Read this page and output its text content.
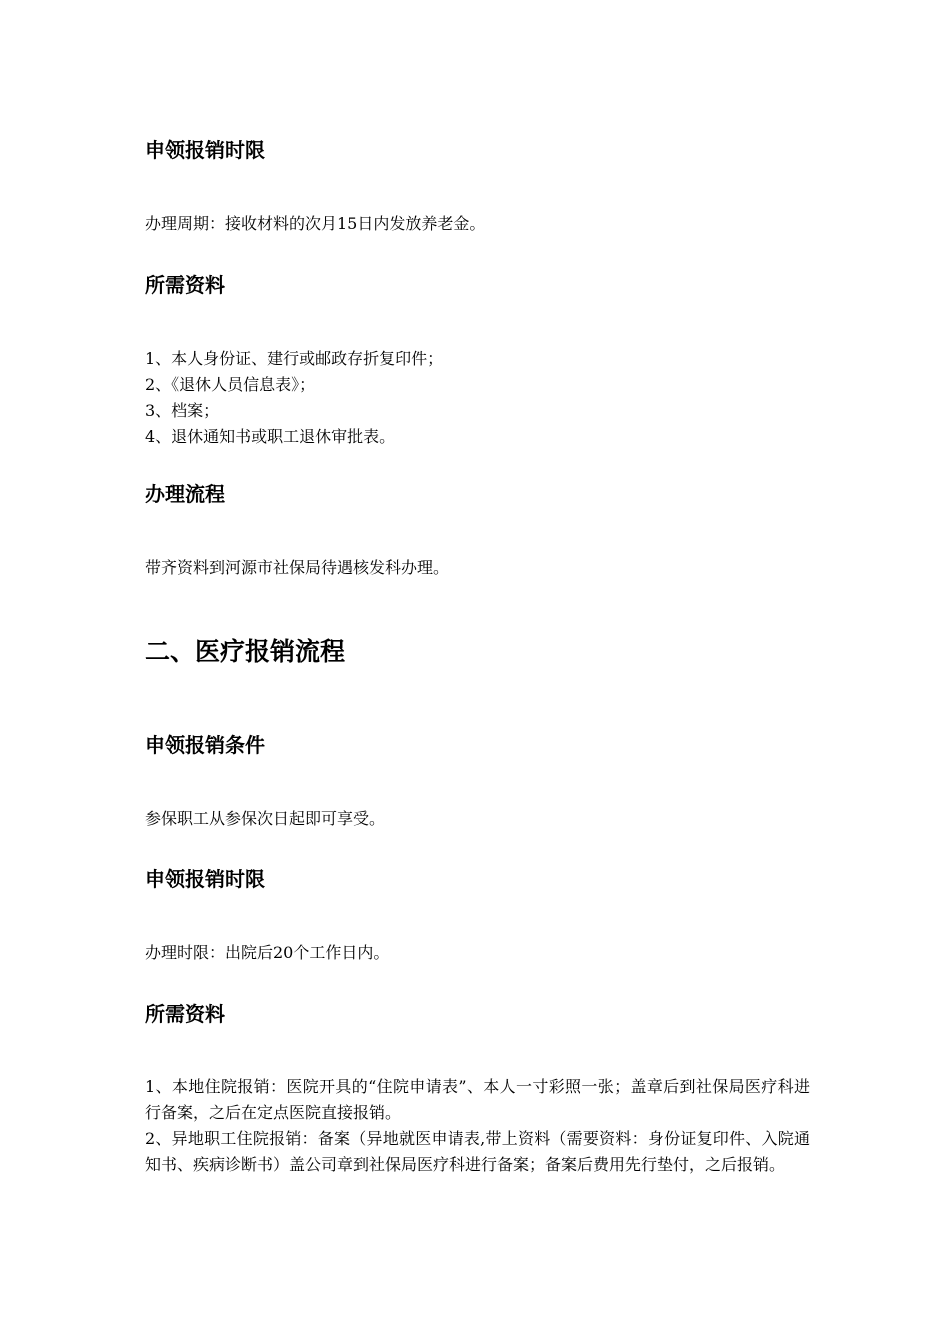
申领报销时限

办理周期：接收材料的次月15日内发放养老金。

所需资料
1、本人身份证、建行或邮政存折复印件；
2、《退休人员信息表》；
3、档案；
4、退休通知书或职工退休审批表。
办理流程

带齐资料到河源市社保局待遇核发科办理。

二、医疗报销流程
申领报销条件

参保职工从参保次日起即可享受。

申领报销时限

办理时限：出院后20个工作日内。

所需资料

1、本地住院报销：医院开具的“住院申请表”、本人一寸彩照一张；盖章后到社保局医疗科进行备案，之后在定点医院直接报销。

2、异地职工住院报销：备案（异地就医申请表,带上资料（需要资料：身份证复印件、入院通知书、疾病诊断书）盖公司章到社保局医疗科进行备案；备案后费用先行垫付，之后报销。
